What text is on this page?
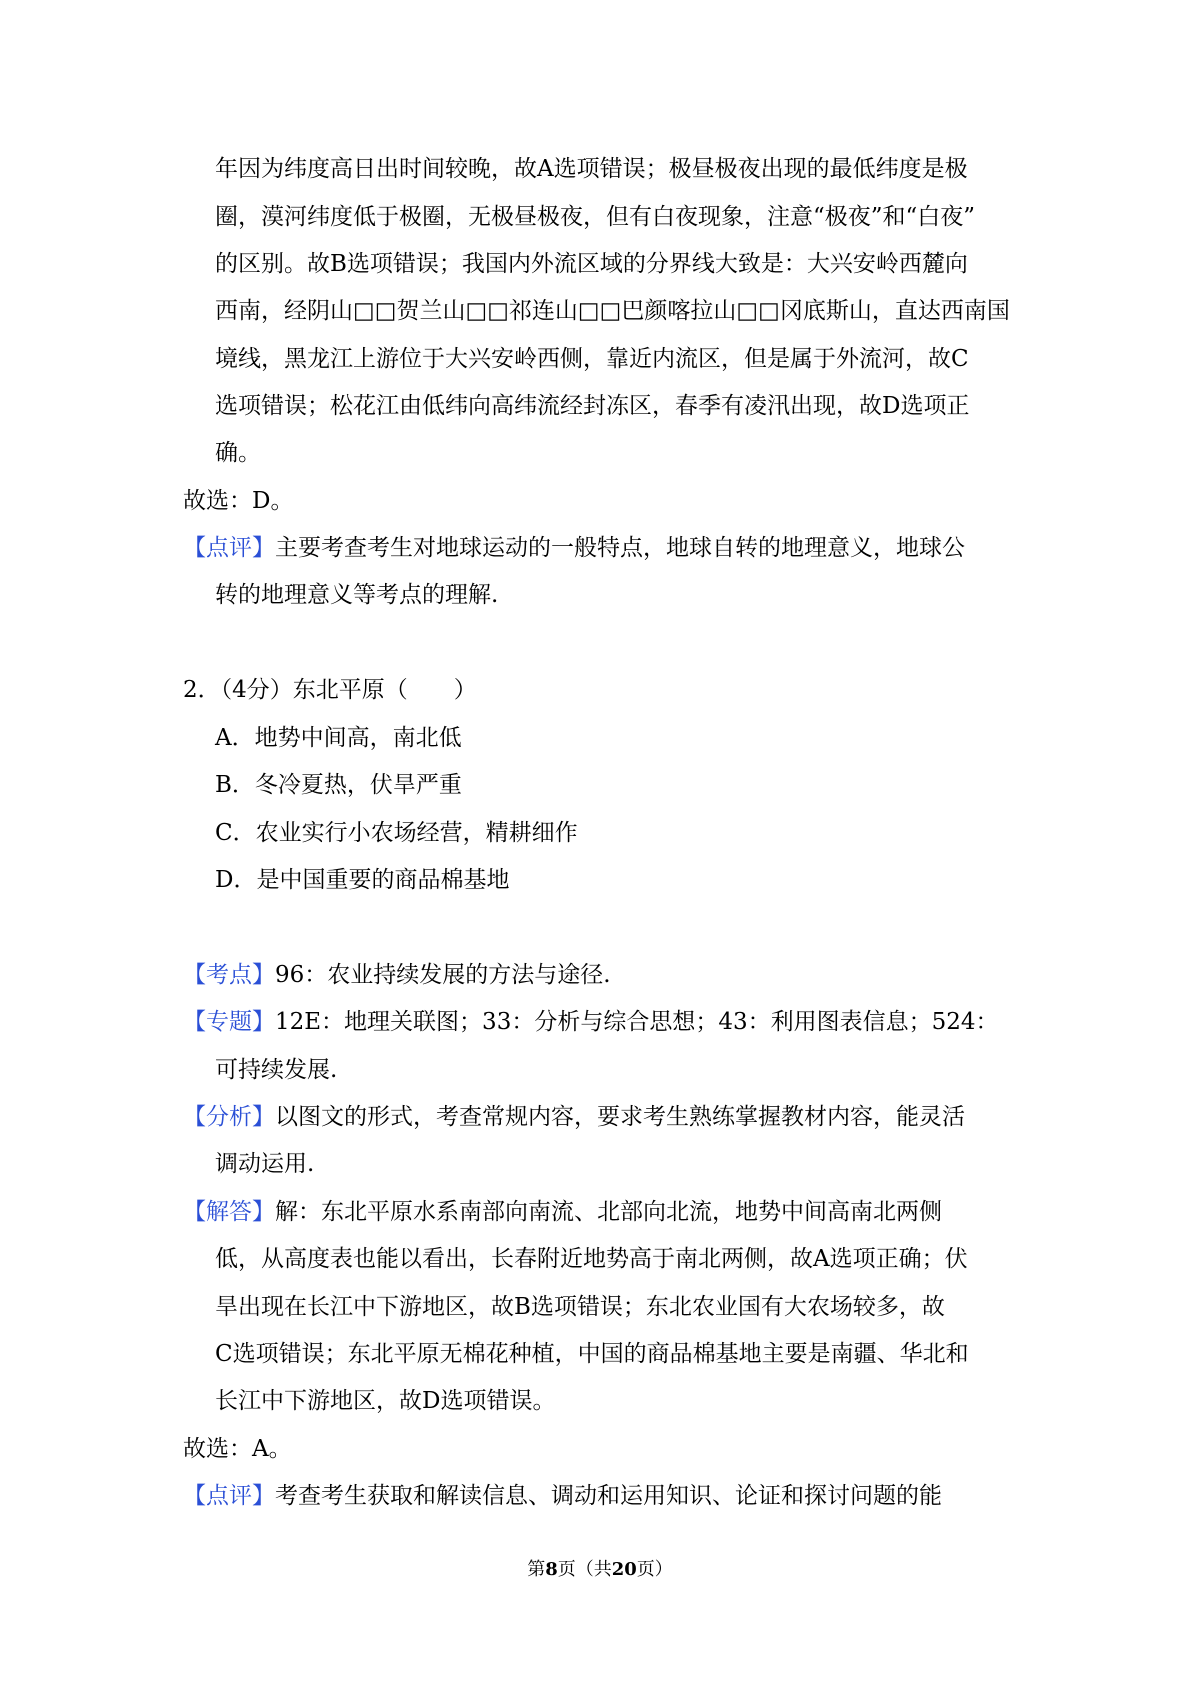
年因为纬度高日出时间较晚，故A选项错误；极昼极夜出现的最低纬度是极
圈，漠河纬度低于极圈，无极昼极夜，但有白夜现象，注意“极夜”和“白夜”
的区别。故B选项错误；我国内外流区域的分界线大致是：大兴安岭西麓向
西南，经阴山□□贺兰山□□祁连山□□巴颜喀拉山□□冈底斯山，直达西南国
境线，黑龙江上游位于大兴安岭西侧，靠近内流区，但是属于外流河，故C
选项错误；松花江由低纬向高纬流经封冻区，春季有凌汛出现，故D选项正
确。
故选：D。
【点评】主要考查考生对地球运动的一般特点，地球自转的地理意义，地球公
转的地理意义等考点的理解.
2．（4分）东北平原（　　）
A．地势中间高，南北低
B．冬冷夏热，伏旱严重
C．农业实行小农场经营，精耕细作
D．是中国重要的商品棉基地
【考点】96：农业持续发展的方法与途径.
【专题】12E：地理关联图；33：分析与综合思想；43：利用图表信息；524：
可持续发展.
【分析】以图文的形式，考查常规内容，要求考生熟练掌握教材内容，能灵活
调动运用.
【解答】解：东北平原水系南部向南流、北部向北流，地势中间高南北两侧
低，从高度表也能以看出，长春附近地势高于南北两侧，故A选项正确；伏
旱出现在长江中下游地区，故B选项错误；东北农业国有大农场较多，故
C选项错误；东北平原无棉花种植，中国的商品棉基地主要是南疆、华北和
长江中下游地区，故D选项错误。
故选：A。
【点评】考查考生获取和解读信息、调动和运用知识、论证和探讨问题的能
第8页（共20页）
